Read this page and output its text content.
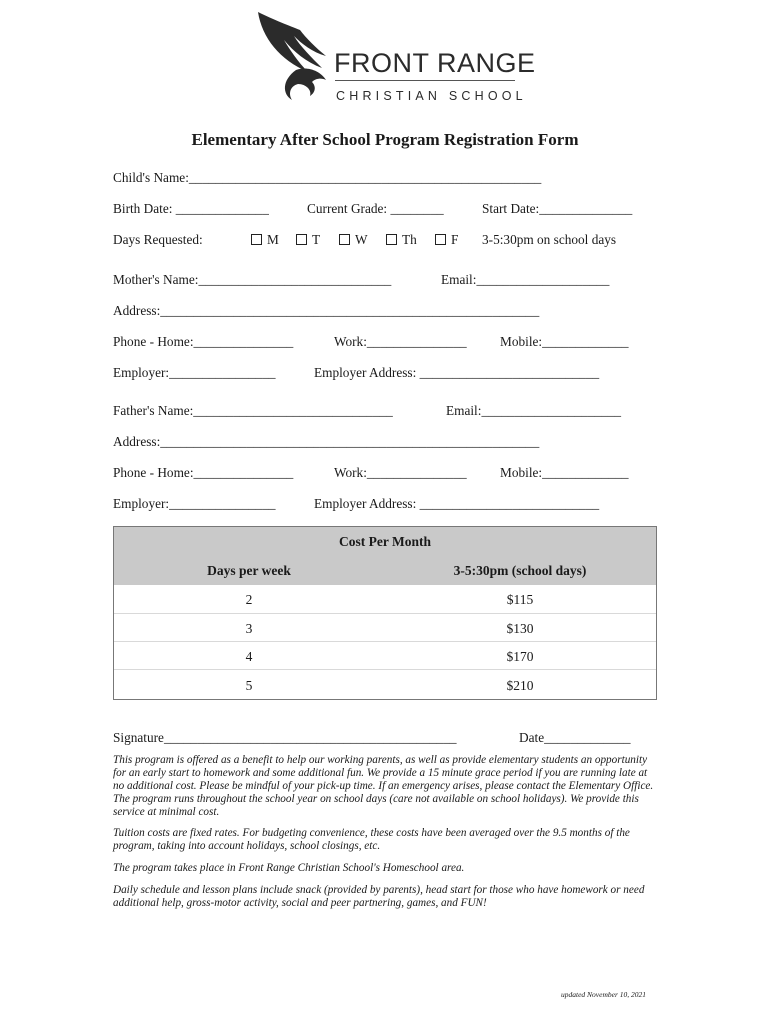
FRONT RANGE
CHRISTIAN SCHOOL
Elementary After School Program Registration Form
Child's Name:_____________________________________________________
Birth Date: ______________	Current Grade: ________	Start Date:______________
Days Requested:	M	T	W	Th	F 3-5:30pm on school days
Mother's Name:_____________________________	Email:____________________
Address:_________________________________________________________
Phone - Home:_______________	Work:_______________	Mobile:_____________
Employer:________________	Employer Address: ___________________________
Father's Name:______________________________	Email:_____________________
Address:_________________________________________________________
Phone - Home:_______________	Work:_______________	Mobile:_____________
Employer:________________	Employer Address: ___________________________
Cost Per Month
Days per week	3-5:30pm (school days)
2	$115
3	$130
4	$170
5	$210
Signature____________________________________________	Date_____________
This program is offered as a benefit to help our working parents, as well as provide elementary students an opportunity for an early start to homework and some additional fun. We provide a 15 minute grace period if you are running late at no additional cost. Please be mindful of your pick-up time. If an emergency arises, please contact the Elementary Office. The program runs throughout the school year on school days (care not available on school holidays). We provide this service at minimal cost.
Tuition costs are fixed rates. For budgeting convenience, these costs have been averaged over the 9.5 months of the program, taking into account holidays, school closings, etc.
The program takes place in Front Range Christian School's Homeschool area.
Daily schedule and lesson plans include snack (provided by parents), head start for those who have homework or need additional help, gross-motor activity, social and peer partnering, games, and FUN!
updated November 10, 2021
